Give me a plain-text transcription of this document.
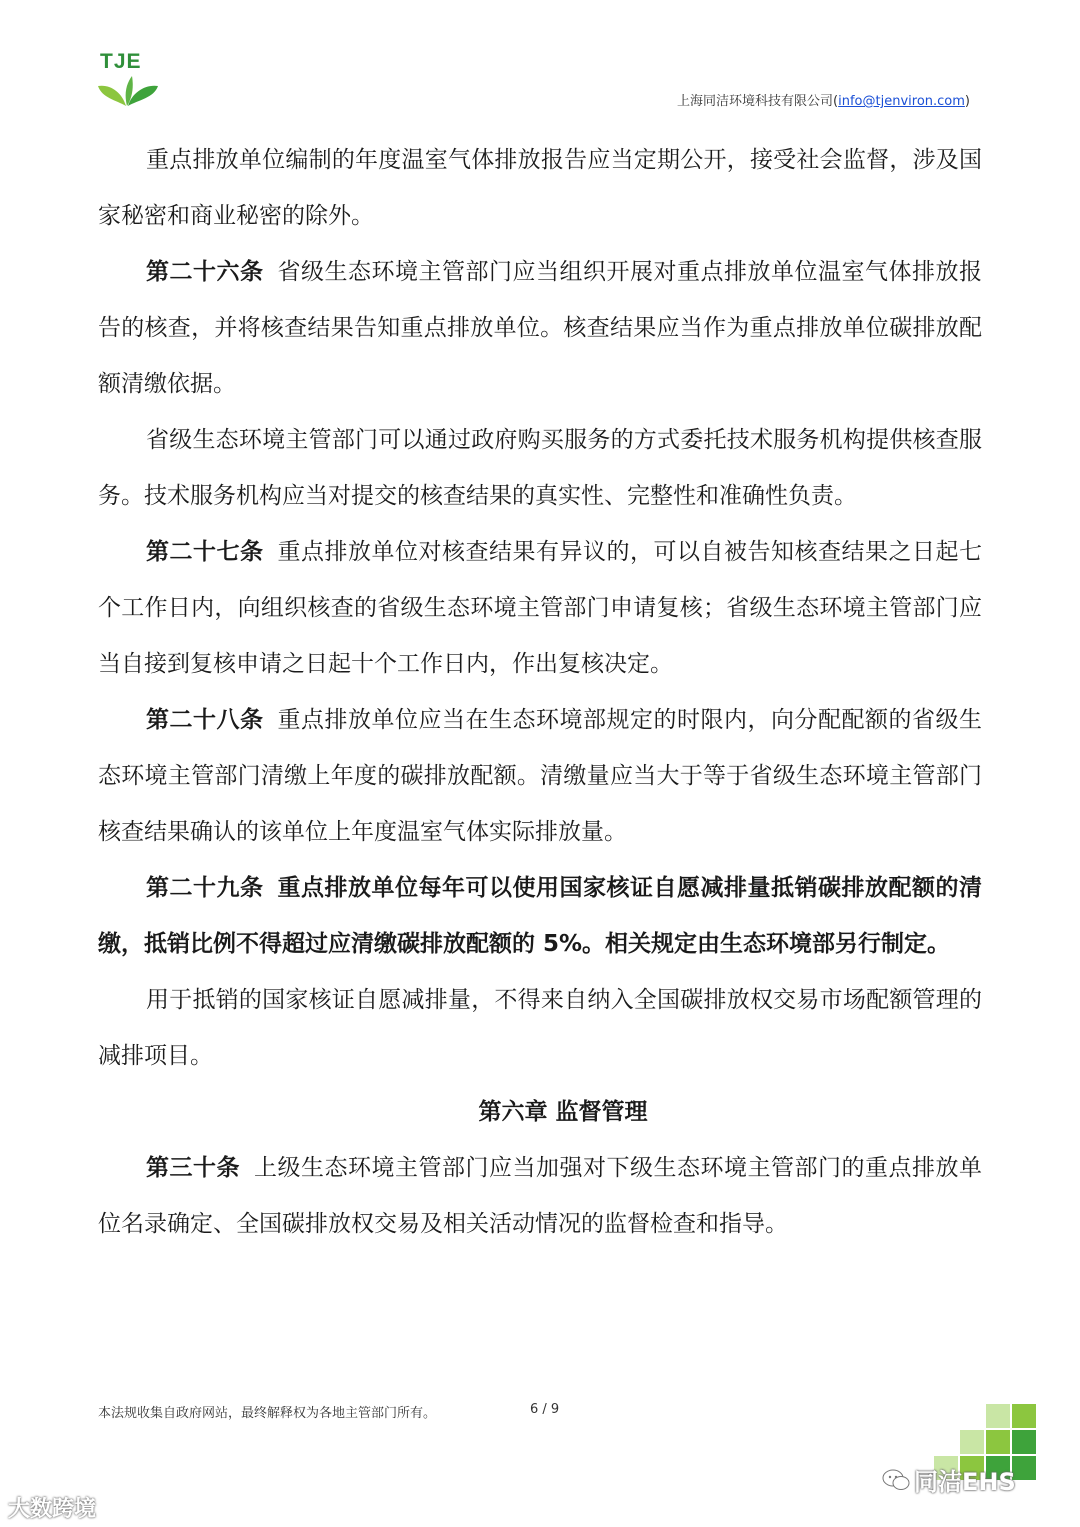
TJE
上海同洁环境科技有限公司(info@tjenviron.com)

重点排放单位编制的年度温室气体排放报告应当定期公开，接受社会监督，涉及国家秘密和商业秘密的除外。

第二十六条 省级生态环境主管部门应当组织开展对重点排放单位温室气体排放报告的核查，并将核查结果告知重点排放单位。核查结果应当作为重点排放单位碳排放配额清缴依据。

省级生态环境主管部门可以通过政府购买服务的方式委托技术服务机构提供核查服务。技术服务机构应当对提交的核查结果的真实性、完整性和准确性负责。

第二十七条 重点排放单位对核查结果有异议的，可以自被告知核查结果之日起七个工作日内，向组织核查的省级生态环境主管部门申请复核；省级生态环境主管部门应当自接到复核申请之日起十个工作日内，作出复核决定。

第二十八条 重点排放单位应当在生态环境部规定的时限内，向分配配额的省级生态环境主管部门清缴上年度的碳排放配额。清缴量应当大于等于省级生态环境主管部门核查结果确认的该单位上年度温室气体实际排放量。

第二十九条 重点排放单位每年可以使用国家核证自愿减排量抵销碳排放配额的清缴，抵销比例不得超过应清缴碳排放配额的 5%。相关规定由生态环境部另行制定。

用于抵销的国家核证自愿减排量，不得来自纳入全国碳排放权交易市场配额管理的减排项目。

第六章 监督管理

第三十条 上级生态环境主管部门应当加强对下级生态环境主管部门的重点排放单位名录确定、全国碳排放权交易及相关活动情况的监督检查和指导。

本法规收集自政府网站，最终解释权为各地主管部门所有。	6 / 9
大数跨境
同洁EHS
